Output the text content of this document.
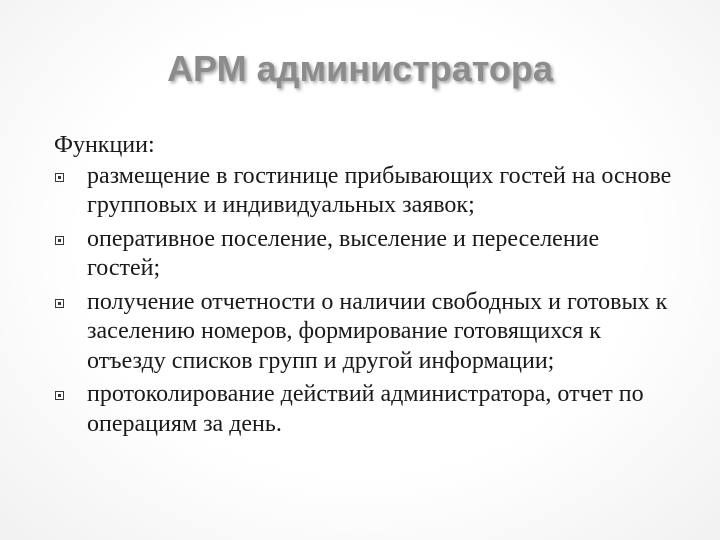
АРМ администратора
Функции:
размещение в гостинице прибывающих гостей на основе групповых и индивидуальных заявок;
оперативное поселение, выселение и переселение гостей;
получение отчетности о наличии свободных и готовых к заселению номеров, формирование готовящихся к отъезду списков групп и другой информации;
протоколирование действий администратора, отчет по операциям за день.
